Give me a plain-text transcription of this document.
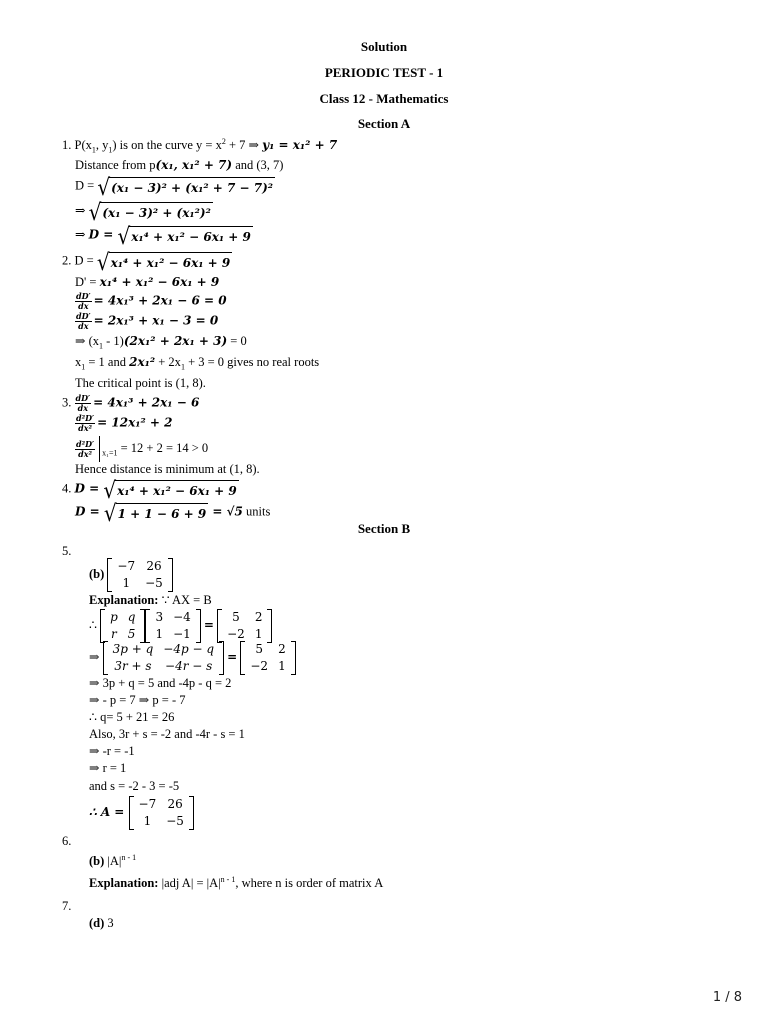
Solution
PERIODIC TEST - 1
Class 12 - Mathematics
Section A
1. $P(x_1$, $y_1$) is on the curve $y = x^2 + 7$ ⇒ y₁ = x₁² + 7
Distance from p(x₁, x₁² + 7) and (3, 7)
D = √(x₁ − 3)² + (x₁² + 7 − 7)²
⇒ √(x₁ − 3)² + (x₁²)²
⇒ D = √x₁⁴ + x₁² − 6x₁ + 9
2. D = √x₁⁴ + x₁² − 6x₁ + 9
D' = x₁⁴ + x₁² − 6x₁ + 9
$\frac{dD'}{dx} = 4x_1^3 + 2x_1 - 6 = 0$
$\frac{dD'}{dx} = 2x_1^3 + x_1 - 3 = 0$
⇒ $(x_1 - 1)(2x_1^2 + 2x_1 + 3) = 0$
$x_1 = 1$ and $2x_1^2 + 2x_1 + 3 = 0$ gives no real roots
The critical point is (1, 8).
3. $\frac{dD'}{dx} = 4x_1^3 + 2x_1 - 6$
$\frac{\text{d²D′}}{\text{dx²}} = 12x_1^2 + 2$
$\frac{\text{d²D′}}{\text{dx²}} _{x_1=1} = 12 + 2 = 14 > 0$
Hence distance is minimum at (1, 8).
4. D = √x₁⁴ + x₁² − 6x₁ + 9
D = √1 + 1 − 6 + 9 = √5 units
Section B
5.
(b)
−7	26
1	−5
Explanation: ∵ AX = B
∴
p	q
r	5
3	−4
1	−1
=
5	2
−2	1
⇒
3p + q	−4p − q
3r + s	−4r − s
=
5	2
−2	1
⇒ 3p + q = 5 and -4p - q = 2
⇒ - p = 7 ⇒ p = - 7
∴ q= 5 + 21 = 26
Also, 3r + s = -2 and -4r - s = 1
⇒ -r = -1
⇒ r = 1
and s = -2 - 3 = -5
∴ A =
−7	26
1	−5
6.
(b) $|A|^{n - 1}$
Explanation: |adj $A| = |A|^{n - 1}$, where n is order of matrix A
7.
(d) 3
1 / 8
